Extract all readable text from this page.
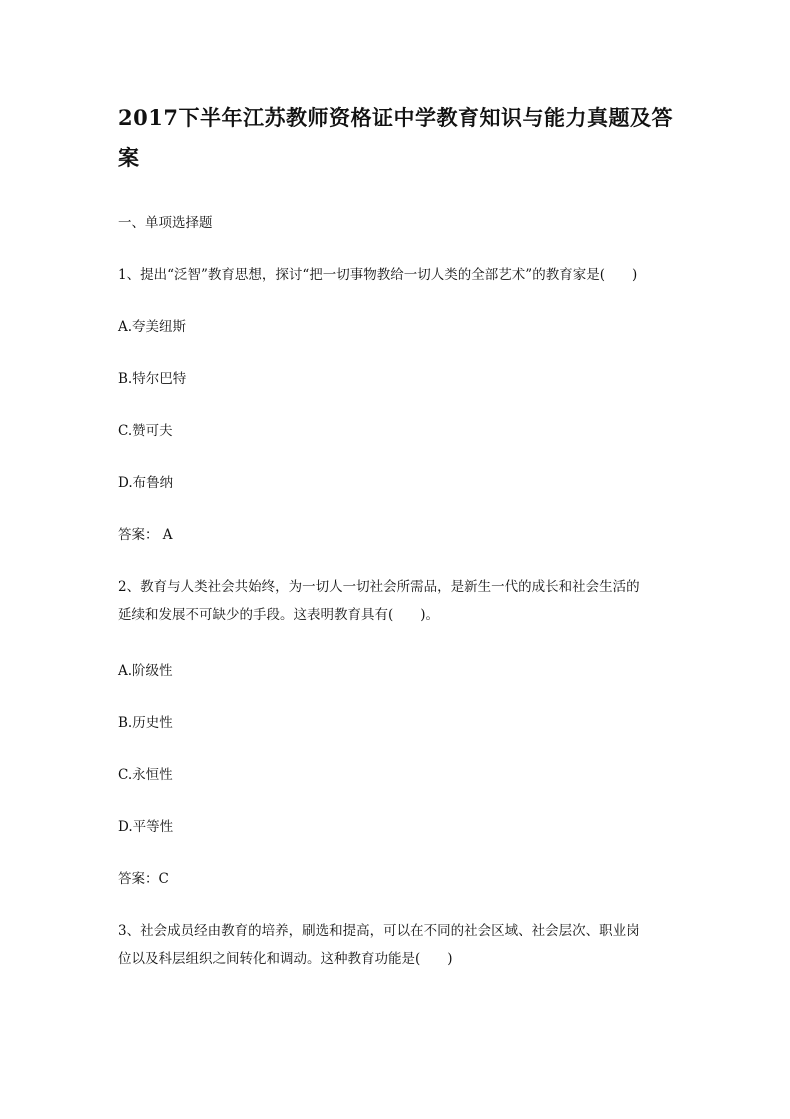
2017下半年江苏教师资格证中学教育知识与能力真题及答案

一、单项选择题

1、提出“泛智”教育思想，探讨“把一切事物教给一切人类的全部艺术”的教育家是(　　)

A.夸美纽斯

B.特尔巴特

C.赞可夫

D.布鲁纳

答案： A

2、教育与人类社会共始终，为一切人一切社会所需品，是新生一代的成长和社会生活的
延续和发展不可缺少的手段。这表明教育具有(　　)。

A.阶级性

B.历史性

C.永恒性

D.平等性

答案：C

3、社会成员经由教育的培养，刷选和提高，可以在不同的社会区域、社会层次、职业岗
位以及科层组织之间转化和调动。这种教育功能是(　　)
